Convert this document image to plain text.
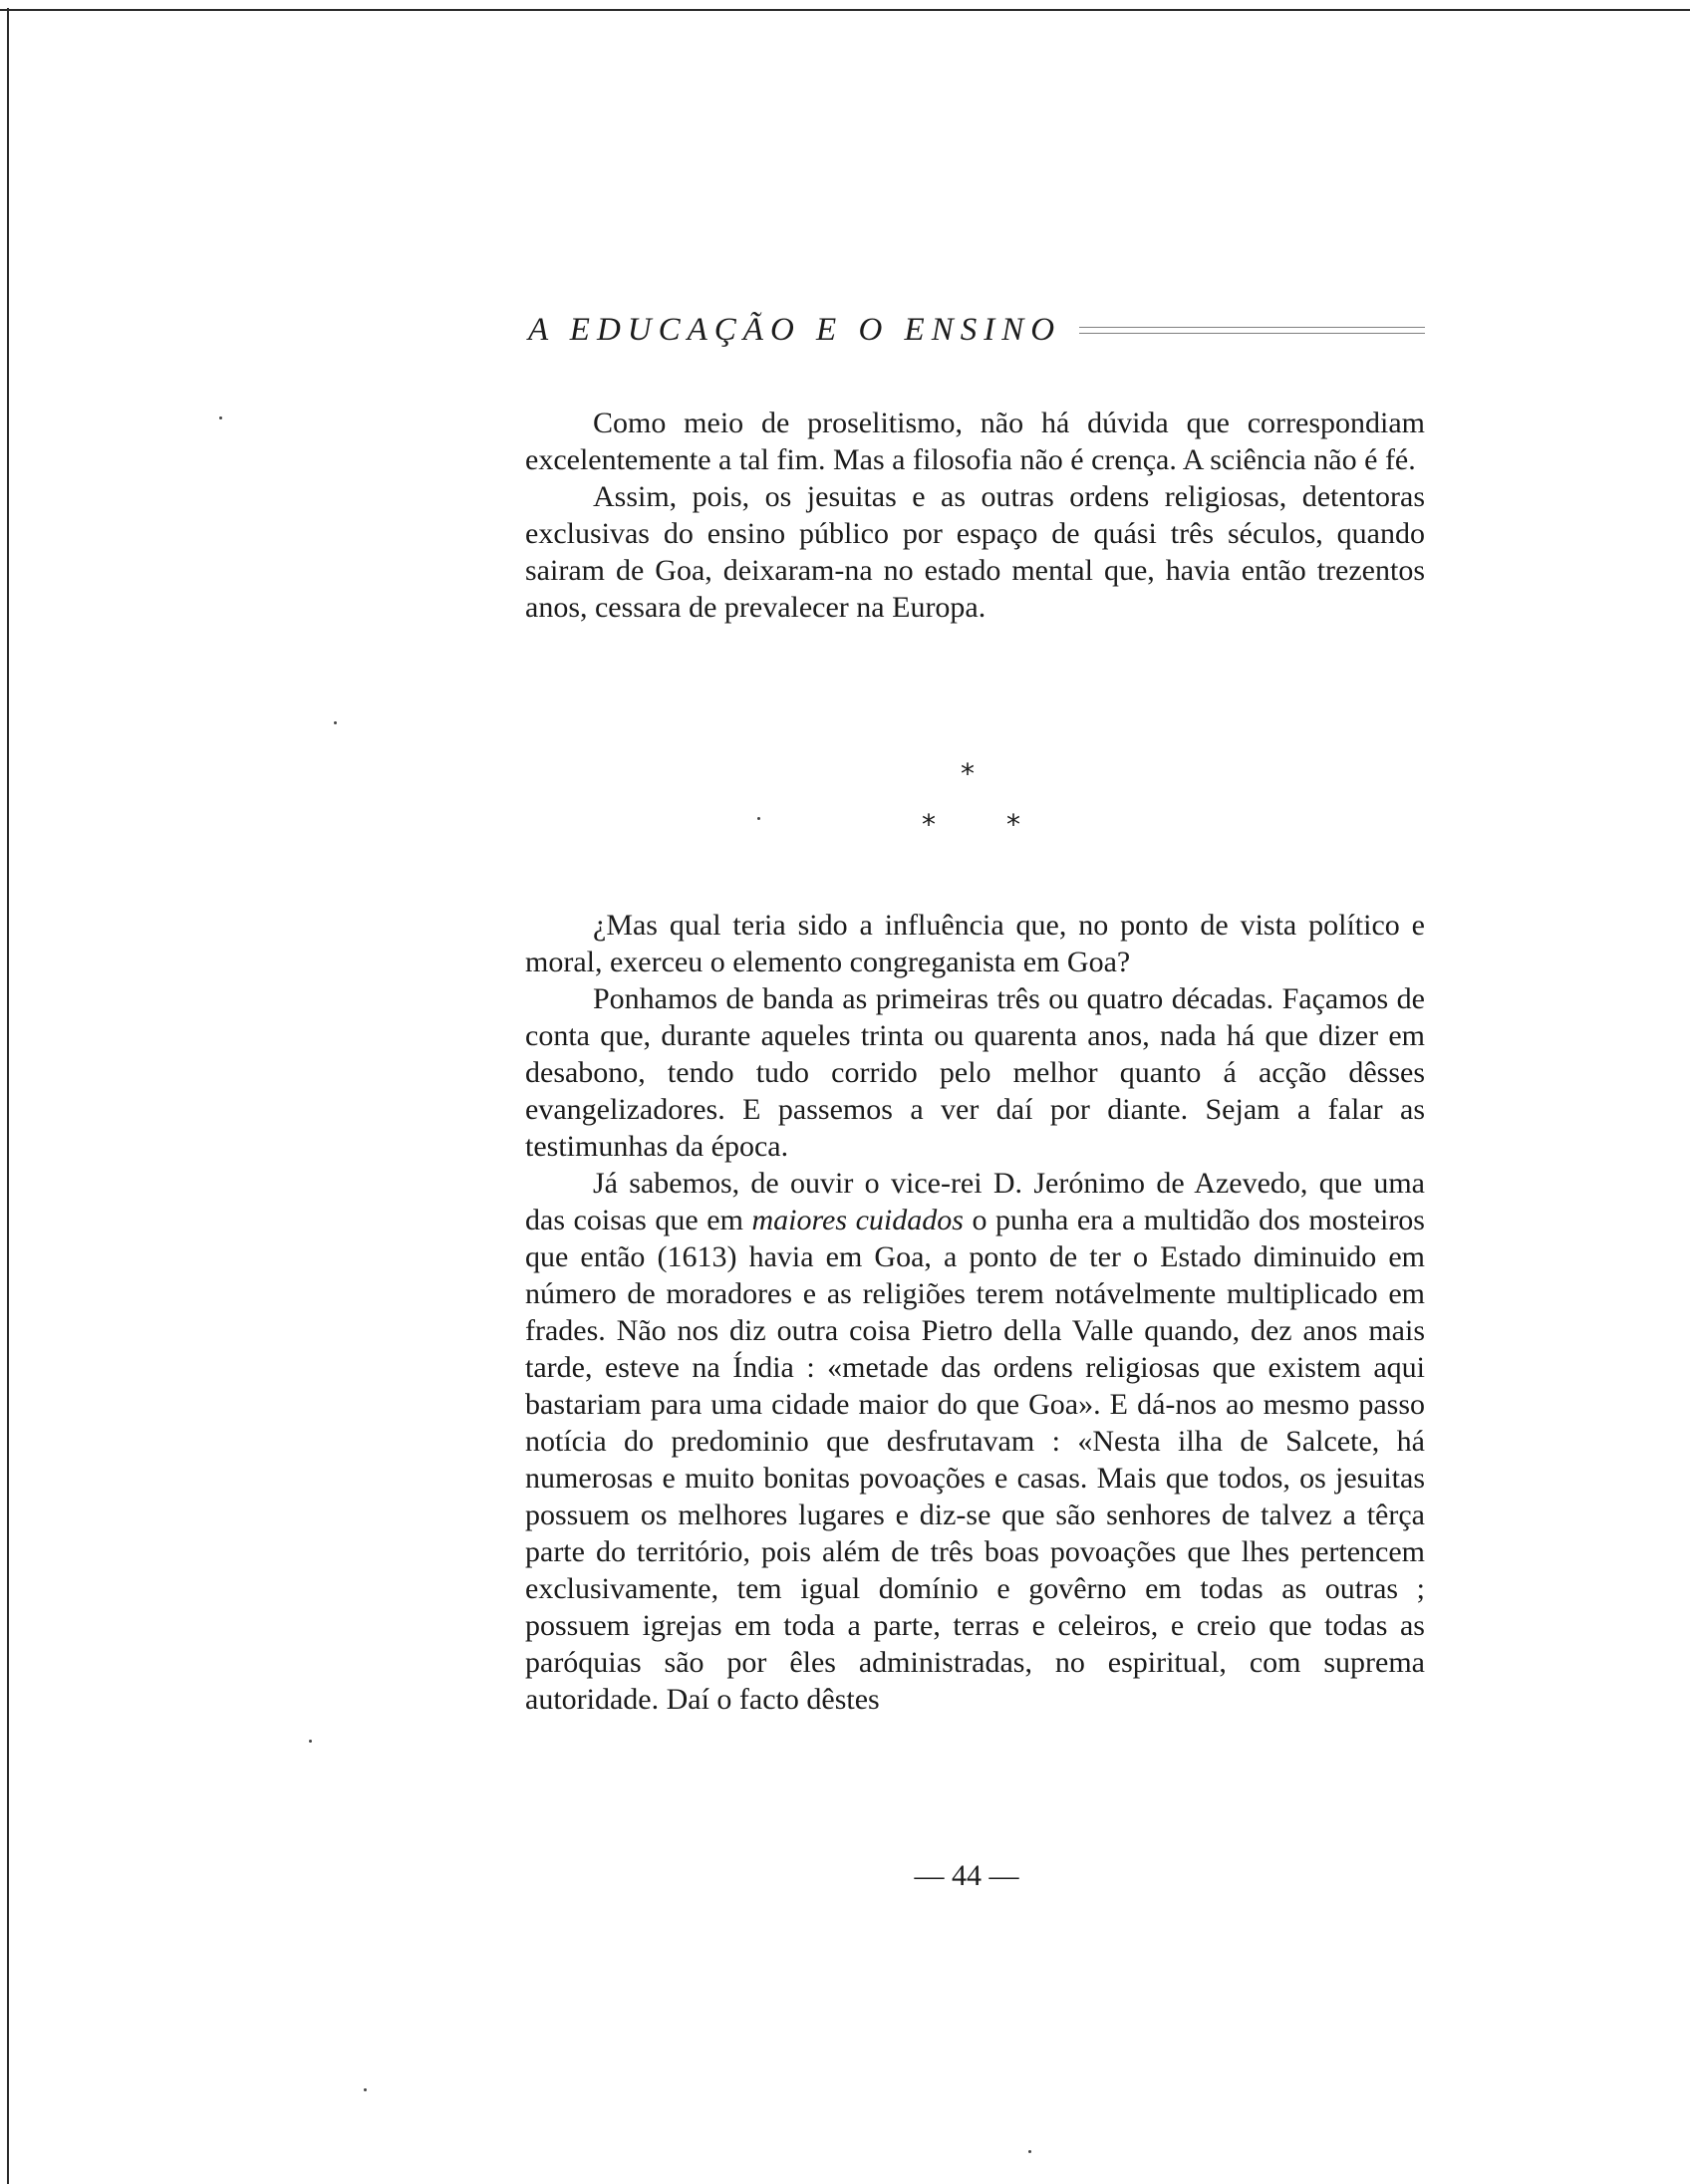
A EDUCAÇÃO E O ENSINO

Como meio de proselitismo, não há dúvida que correspondiam excelentemente a tal fim. Mas a filosofia não é crença. A sciência não é fé.

Assim, pois, os jesuitas e as outras ordens religiosas, detentoras exclusivas do ensino público por espaço de quási três séculos, quando sairam de Goa, deixaram-na no estado mental que, havia então trezentos anos, cessara de prevalecer na Europa.

*
*	*

¿Mas qual teria sido a influência que, no ponto de vista político e moral, exerceu o elemento congreganista em Goa?

Ponhamos de banda as primeiras três ou quatro décadas. Façamos de conta que, durante aqueles trinta ou quarenta anos, nada há que dizer em desabono, tendo tudo corrido pelo melhor quanto á acção dêsses evangelizadores. E passemos a ver daí por diante. Sejam a falar as testimunhas da época.

Já sabemos, de ouvir o vice-rei D. Jerónimo de Azevedo, que uma das coisas que em maiores cuidados o punha era a multidão dos mosteiros que então (1613) havia em Goa, a ponto de ter o Estado diminuido em número de moradores e as religiões terem notávelmente multiplicado em frades. Não nos diz outra coisa Pietro della Valle quando, dez anos mais tarde, esteve na Índia : «metade das ordens religiosas que existem aqui bastariam para uma cidade maior do que Goa». E dá-nos ao mesmo passo notícia do predominio que desfrutavam : «Nesta ilha de Salcete, há numerosas e muito bonitas povoações e casas. Mais que todos, os jesuitas possuem os melhores lugares e diz-se que são senhores de talvez a têrça parte do território, pois além de três boas povoações que lhes pertencem exclusivamente, tem igual domínio e govêrno em todas as outras ; possuem igrejas em toda a parte, terras e celeiros, e creio que todas as paróquias são por êles administradas, no espiritual, com suprema autoridade. Daí o facto dêstes

— 44 —
